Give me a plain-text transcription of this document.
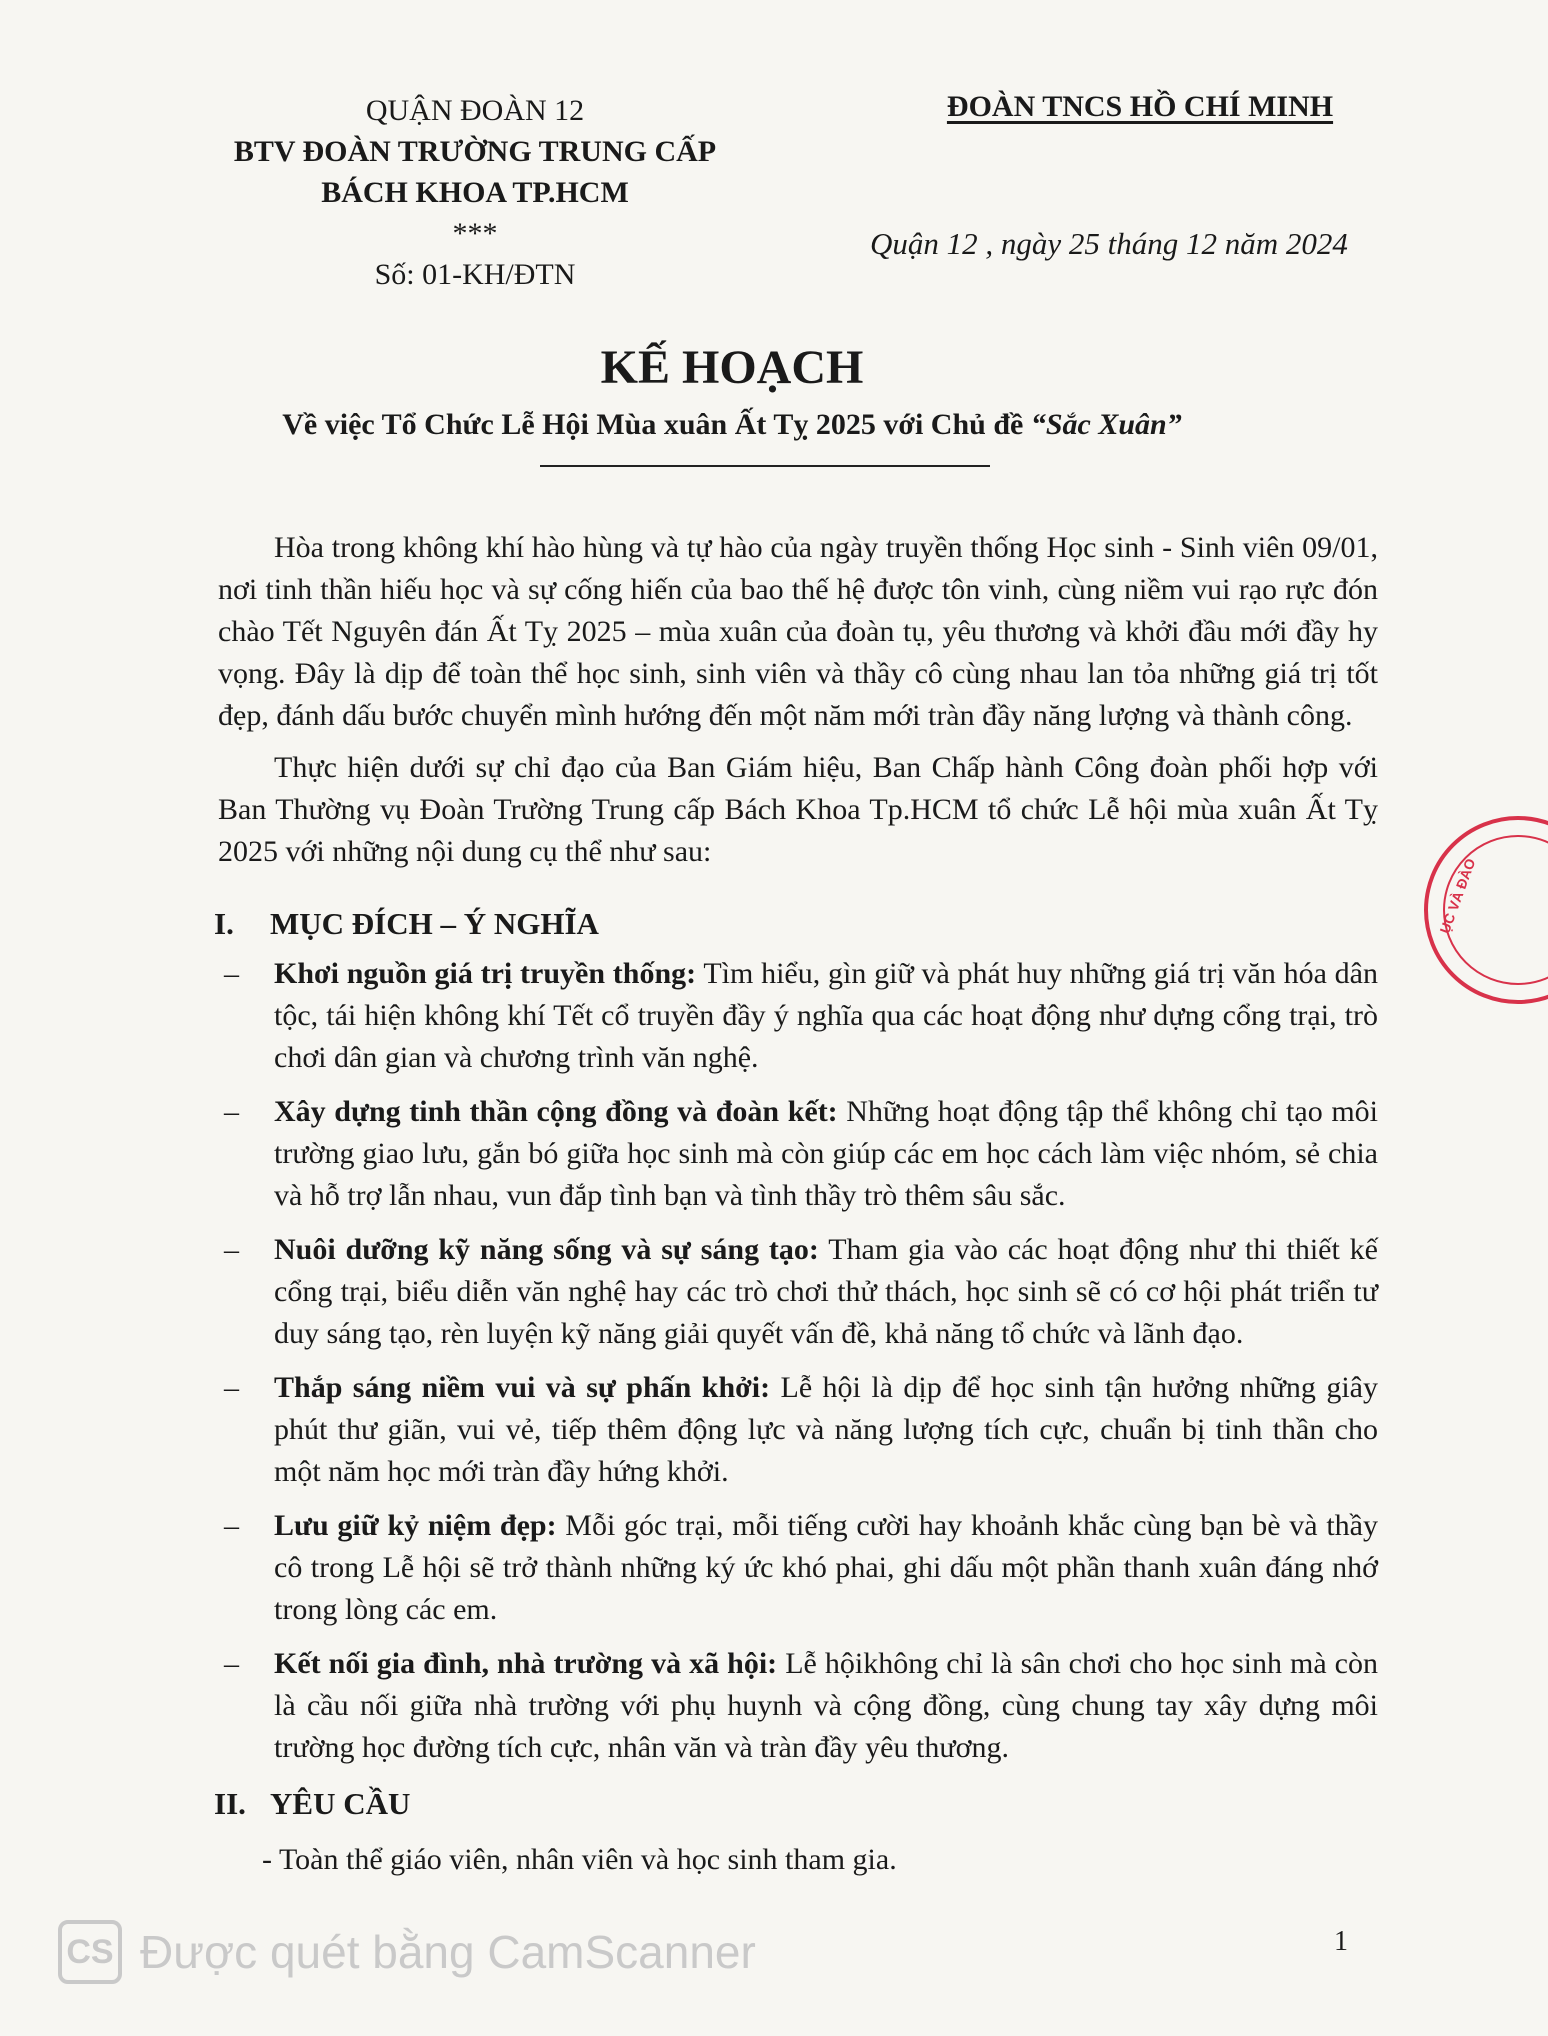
QUẬN ĐOÀN 12
BTV ĐOÀN TRƯỜNG TRUNG CẤP
BÁCH KHOA TP.HCM
***
Số: 01-KH/ĐTN
ĐOÀN TNCS HỒ CHÍ MINH
Quận 12 , ngày 25 tháng 12 năm 2024
KẾ HOẠCH
Về việc Tổ Chức Lễ Hội Mùa xuân Ất Tỵ 2025 với Chủ đề “Sắc Xuân”

Hòa trong không khí hào hùng và tự hào của ngày truyền thống Học sinh - Sinh viên 09/01, nơi tinh thần hiếu học và sự cống hiến của bao thế hệ được tôn vinh, cùng niềm vui rạo rực đón chào Tết Nguyên đán Ất Tỵ 2025 – mùa xuân của đoàn tụ, yêu thương và khởi đầu mới đầy hy vọng. Đây là dịp để toàn thể học sinh, sinh viên và thầy cô cùng nhau lan tỏa những giá trị tốt đẹp, đánh dấu bước chuyển mình hướng đến một năm mới tràn đầy năng lượng và thành công.

Thực hiện dưới sự chỉ đạo của Ban Giám hiệu, Ban Chấp hành Công đoàn phối hợp với Ban Thường vụ Đoàn Trường Trung cấp Bách Khoa Tp.HCM tổ chức Lễ hội mùa xuân Ất Tỵ 2025 với những nội dung cụ thể như sau:

I.	MỤC ĐÍCH – Ý NGHĨA
–	Khơi nguồn giá trị truyền thống: Tìm hiểu, gìn giữ và phát huy những giá trị văn hóa dân tộc, tái hiện không khí Tết cổ truyền đầy ý nghĩa qua các hoạt động như dựng cổng trại, trò chơi dân gian và chương trình văn nghệ.
–	Xây dựng tinh thần cộng đồng và đoàn kết: Những hoạt động tập thể không chỉ tạo môi trường giao lưu, gắn bó giữa học sinh mà còn giúp các em học cách làm việc nhóm, sẻ chia và hỗ trợ lẫn nhau, vun đắp tình bạn và tình thầy trò thêm sâu sắc.
–	Nuôi dưỡng kỹ năng sống và sự sáng tạo: Tham gia vào các hoạt động như thi thiết kế cổng trại, biểu diễn văn nghệ hay các trò chơi thử thách, học sinh sẽ có cơ hội phát triển tư duy sáng tạo, rèn luyện kỹ năng giải quyết vấn đề, khả năng tổ chức và lãnh đạo.
–	Thắp sáng niềm vui và sự phấn khởi: Lễ hội là dịp để học sinh tận hưởng những giây phút thư giãn, vui vẻ, tiếp thêm động lực và năng lượng tích cực, chuẩn bị tinh thần cho một năm học mới tràn đầy hứng khởi.
–	Lưu giữ kỷ niệm đẹp: Mỗi góc trại, mỗi tiếng cười hay khoảnh khắc cùng bạn bè và thầy cô trong Lễ hội sẽ trở thành những ký ức khó phai, ghi dấu một phần thanh xuân đáng nhớ trong lòng các em.
–	Kết nối gia đình, nhà trường và xã hội: Lễ hộikhông chỉ là sân chơi cho học sinh mà còn là cầu nối giữa nhà trường với phụ huynh và cộng đồng, cùng chung tay xây dựng môi trường học đường tích cực, nhân văn và tràn đầy yêu thương.
II. YÊU CẦU
- Toàn thể giáo viên, nhân viên và học sinh tham gia.
1
CS Được quét bằng CamScanner
ỤC VÀ ĐÀO
